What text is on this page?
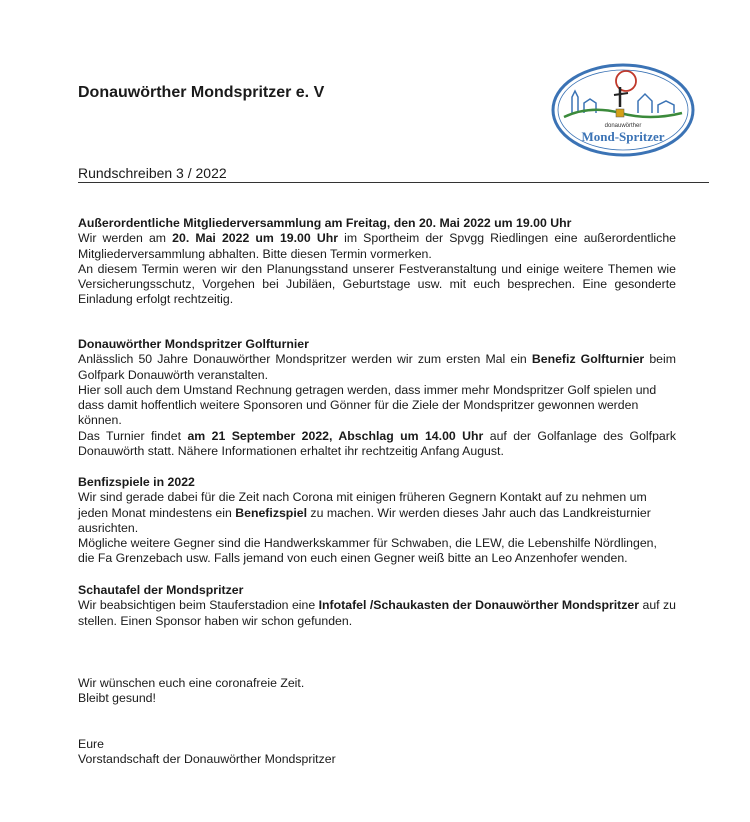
Donauwörther Mondspritzer e. V
donauwörther
Mond-Spritzer
Rundschreiben 3 / 2022
Außerordentliche Mitgliederversammlung am Freitag, den 20. Mai 2022 um 19.00 Uhr

Wir werden am 20. Mai 2022 um 19.00 Uhr im Sportheim der Spvgg Riedlingen eine außerordentliche Mitgliederversammlung abhalten. Bitte diesen Termin vormerken.

An diesem Termin weren wir den Planungsstand unserer Festveranstaltung und einige weitere Themen wie Versicherungsschutz, Vorgehen bei Jubiläen, Geburtstage usw. mit euch besprechen. Eine gesonderte Einladung erfolgt rechtzeitig.

Donauwörther Mondspritzer Golfturnier

Anlässlich 50 Jahre Donauwörther Mondspritzer werden wir zum ersten Mal ein Benefiz Golfturnier beim Golfpark Donauwörth veranstalten.

Hier soll auch dem Umstand Rechnung getragen werden, dass immer mehr Mondspritzer Golf spielen und dass damit hoffentlich weitere Sponsoren und Gönner für die Ziele der Mondspritzer gewonnen werden können.

Das Turnier findet am 21 September 2022, Abschlag um 14.00 Uhr auf der Golfanlage des Golfpark Donauwörth statt. Nähere Informationen erhaltet ihr rechtzeitig Anfang August.

Benfizspiele in 2022

Wir sind gerade dabei für die Zeit nach Corona mit einigen früheren Gegnern Kontakt auf zu nehmen um jeden Monat mindestens ein Benefizspiel zu machen. Wir werden dieses Jahr auch das Landkreisturnier ausrichten.

Mögliche weitere Gegner sind die Handwerkskammer für Schwaben, die LEW, die Lebenshilfe Nördlingen, die Fa Grenzebach usw. Falls jemand von euch einen Gegner weiß bitte an Leo Anzenhofer wenden.

Schautafel der Mondspritzer

Wir beabsichtigen beim Stauferstadion eine Infotafel /Schaukasten der Donauwörther Mondspritzer auf zu stellen. Einen Sponsor haben wir schon gefunden.

Wir wünschen euch eine coronafreie Zeit.
Bleibt gesund!
Eure
Vorstandschaft der Donauwörther Mondspritzer
